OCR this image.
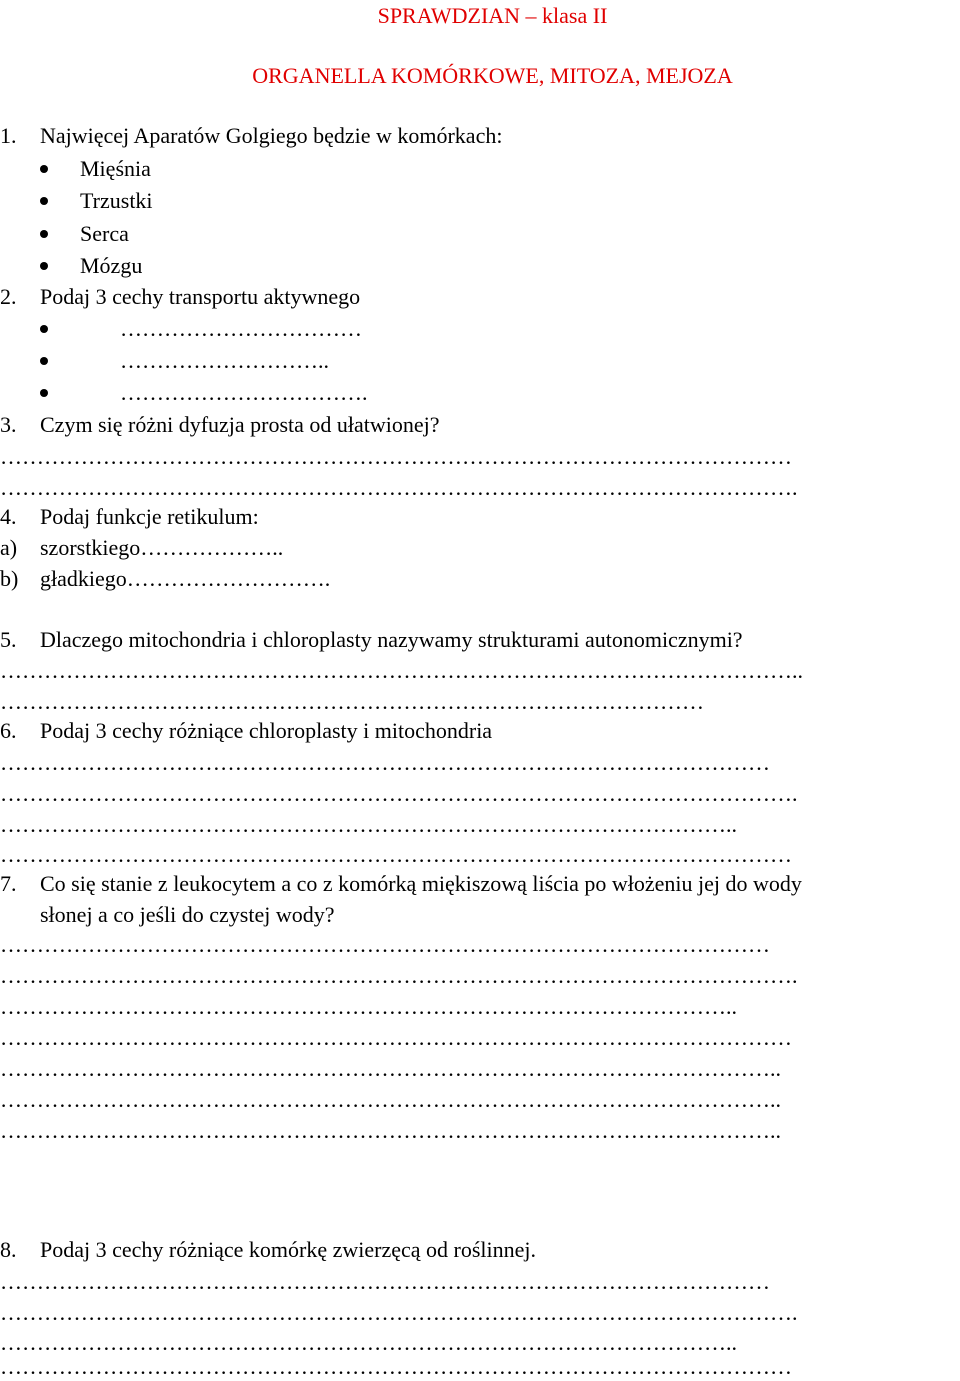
SPRAWDZIAN – klasa II
ORGANELLA KOMÓRKOWE, MITOZA, MEJOZA
1. Najwięcej Aparatów Golgiego będzie w komórkach:
Mięśnia
Trzustki
Serca
Mózgu
2. Podaj 3 cechy transportu aktywnego
……………………………
………………………..
…………………………….
3. Czym się różni dyfuzja prosta od ułatwionej?
………………………………………………………………………………………………
……………………………………………………………………………………………….
4. Podaj funkcje retikulum:
a) szorstkiego………………..
b) gładkiego……………………….
5. Dlaczego mitochondria i chloroplasty nazywamy strukturami autonomicznymi?
………………………………………………………………………………………………..
……………………………………………………………………………………
6. Podaj 3 cechy różniące chloroplasty i mitochondria
……………………………………………………………………………………………
……………………………………………………………………………………………….
………………………………………………………………………………………..
………………………………………………………………………………………………
7. Co się stanie z leukocytem a co z komórką miękiszową liścia po włożeniu jej do wody
słonej a co jeśli do czystej wody?
……………………………………………………………………………………………
……………………………………………………………………………………………….
………………………………………………………………………………………..
………………………………………………………………………………………………
……………………………………………………………………………………………..
……………………………………………………………………………………………..
……………………………………………………………………………………………..
8. Podaj 3 cechy różniące komórkę zwierzęcą od roślinnej.
……………………………………………………………………………………………
……………………………………………………………………………………………….
………………………………………………………………………………………..
………………………………………………………………………………………………
